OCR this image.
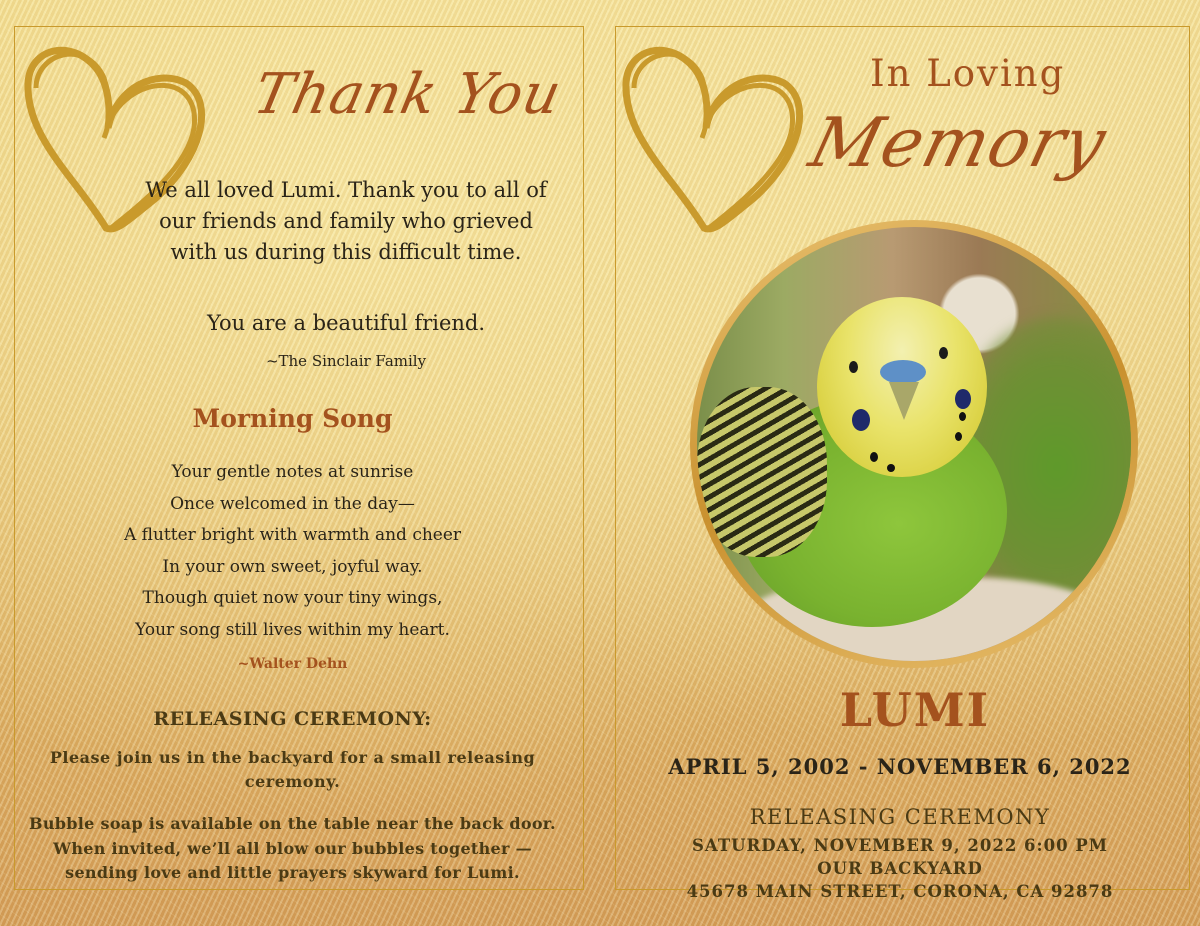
Thank You
We all loved Lumi. Thank you to all of our friends and family who grieved with us during this difficult time.
You are a beautiful friend.
~The Sinclair Family
Morning Song
Your gentle notes at sunrise
Once welcomed in the day—
A flutter bright with warmth and cheer
In your own sweet, joyful way.
Though quiet now your tiny wings,
Your song still lives within my heart.
~Walter Dehn
RELEASING CEREMONY:
Please join us in the backyard for a small releasing ceremony.
Bubble soap is available on the table near the back door. When invited, we’ll all blow our bubbles together — sending love and little prayers skyward for Lumi.
In Loving
Memory
LUMI
APRIL 5, 2002 - NOVEMBER 6, 2022
RELEASING CEREMONY
SATURDAY, NOVEMBER 9, 2022 6:00 PM
OUR BACKYARD
45678 MAIN STREET, CORONA, CA 92878
